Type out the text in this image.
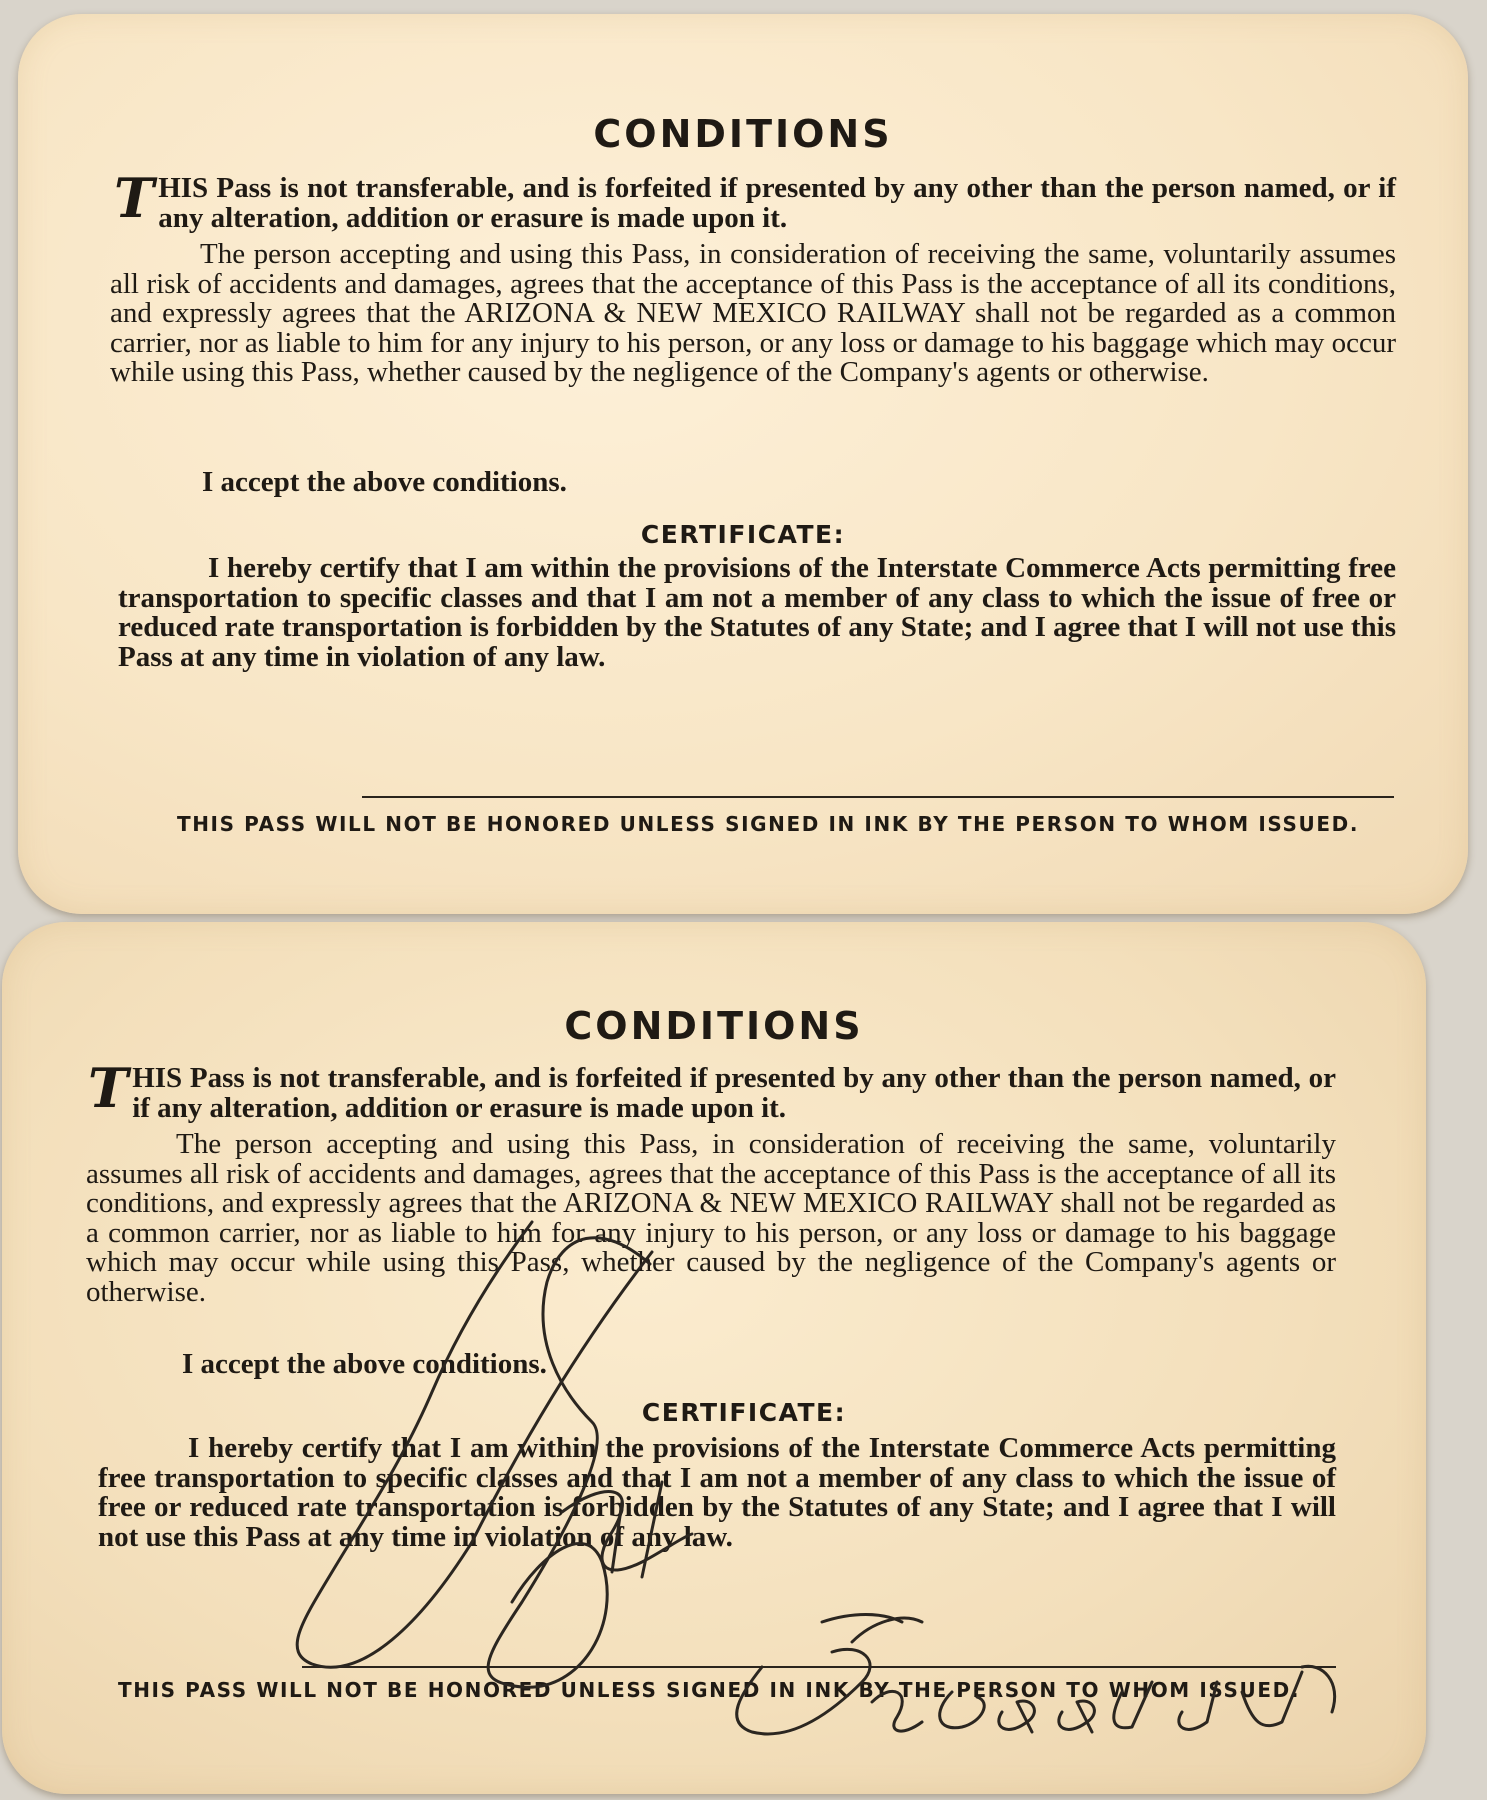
CONDITIONS
T HIS Pass is not transferable, and is forfeited if presented by any other than the person named, or if any alteration, addition or erasure is made upon it.
The person accepting and using this Pass, in consideration of receiving the same, voluntarily assumes all risk of accidents and damages, agrees that the acceptance of this Pass is the acceptance of all its conditions, and expressly agrees that the ARIZONA & NEW MEXICO RAILWAY shall not be regarded as a common carrier, nor as liable to him for any injury to his person, or any loss or damage to his baggage which may occur while using this Pass, whether caused by the negligence of the Company's agents or otherwise.
I accept the above conditions.
CERTIFICATE:
I hereby certify that I am within the provisions of the Interstate Commerce Acts permitting free transportation to specific classes and that I am not a member of any class to which the issue of free or reduced rate transportation is forbidden by the Statutes of any State; and I agree that I will not use this Pass at any time in violation of any law.
THIS PASS WILL NOT BE HONORED UNLESS SIGNED IN INK BY THE PERSON TO WHOM ISSUED.
CONDITIONS
T HIS Pass is not transferable, and is forfeited if presented by any other than the person named, or if any alteration, addition or erasure is made upon it.
The person accepting and using this Pass, in consideration of receiving the same, voluntarily assumes all risk of accidents and damages, agrees that the acceptance of this Pass is the acceptance of all its conditions, and expressly agrees that the ARIZONA & NEW MEXICO RAILWAY shall not be regarded as a common carrier, nor as liable to him for any injury to his person, or any loss or damage to his baggage which may occur while using this Pass, whether caused by the negligence of the Company's agents or otherwise.
I accept the above conditions.
CERTIFICATE:
I hereby certify that I am within the provisions of the Interstate Commerce Acts permitting free transportation to specific classes and that I am not a member of any class to which the issue of free or reduced rate transportation is forbidden by the Statutes of any State; and I agree that I will not use this Pass at any time in violation of any law.
THIS PASS WILL NOT BE HONORED UNLESS SIGNED IN INK BY THE PERSON TO WHOM ISSUED.
